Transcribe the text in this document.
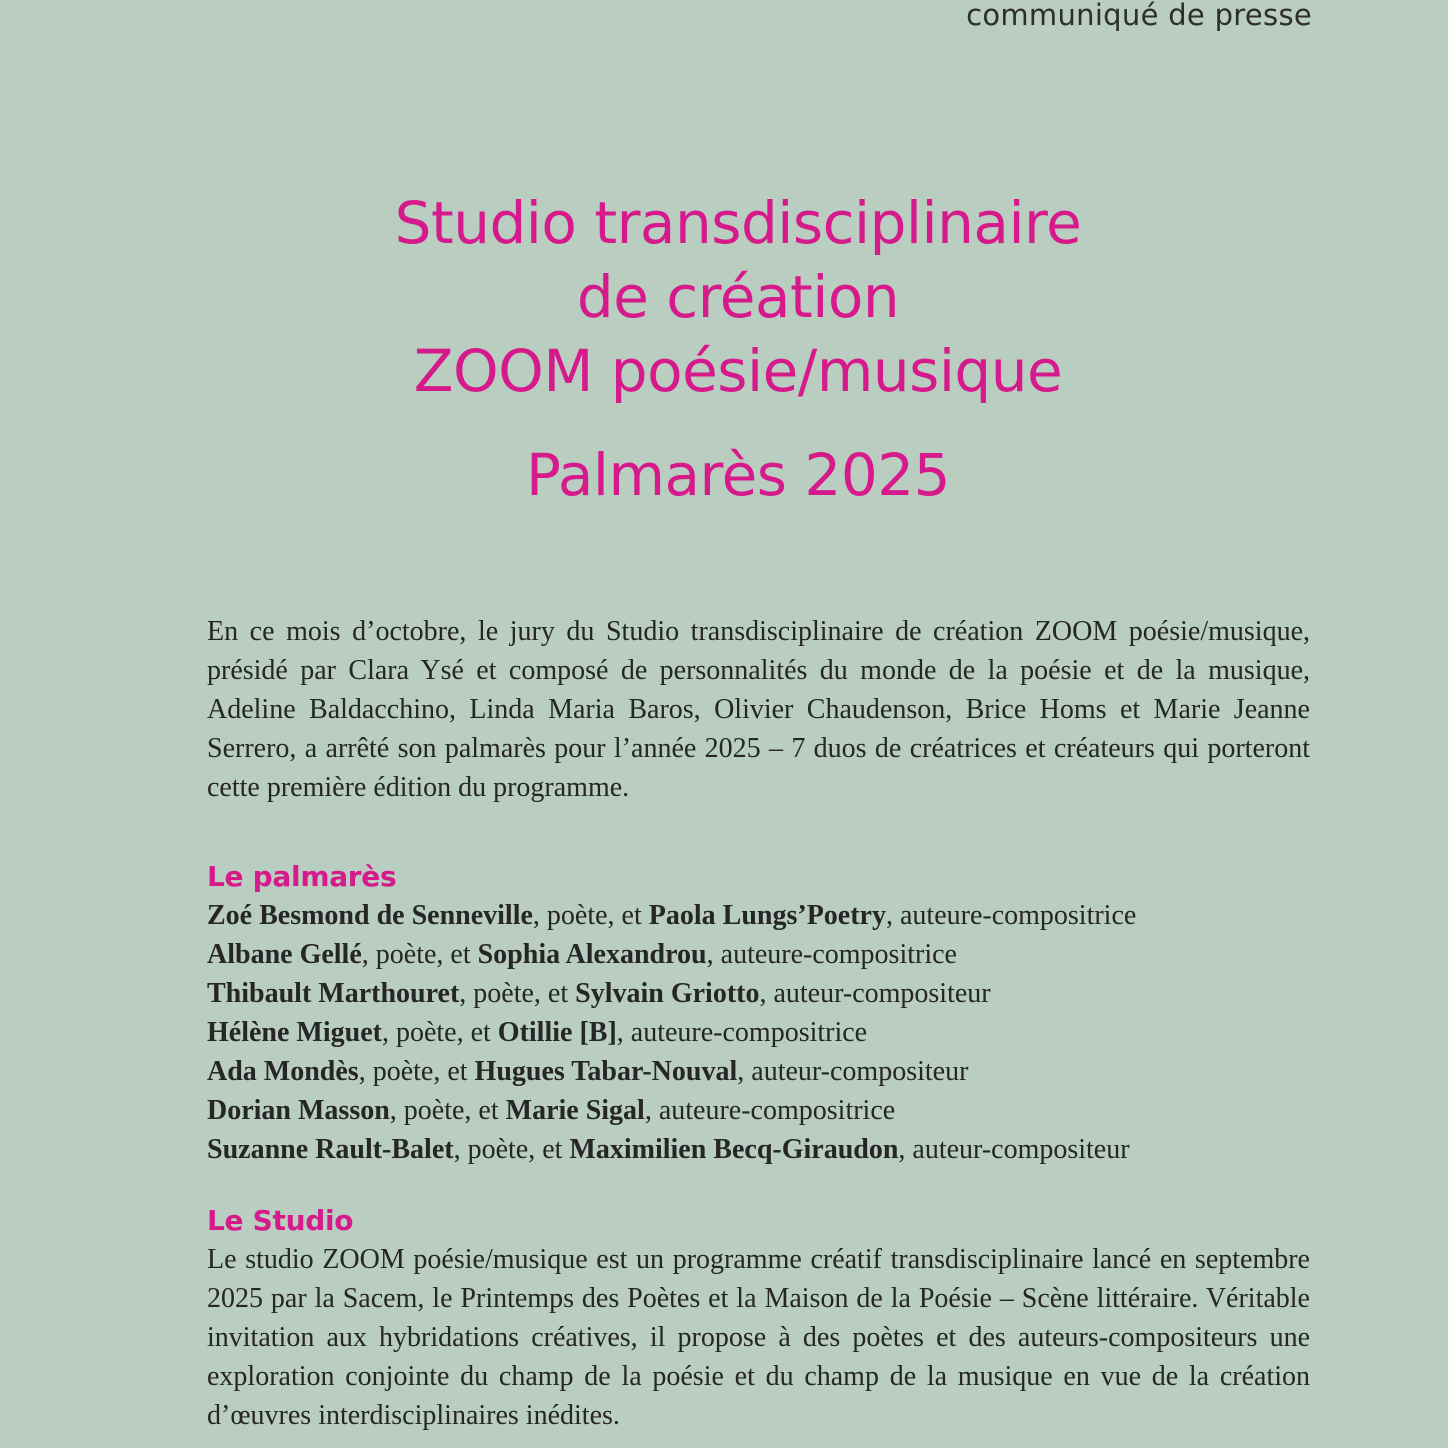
communiqué de presse
Studio transdisciplinaire
de création
ZOOM poésie/musique
Palmarès 2025

En ce mois d’octobre, le jury du Studio transdisciplinaire de création ZOOM poésie/musique, présidé par Clara Ysé et composé de personnalités du monde de la poésie et de la musique, Adeline Baldacchino, Linda Maria Baros, Olivier Chaudenson, Brice Homs et Marie Jeanne Serrero, a arrêté son palmarès pour l’année 2025 – 7 duos de créatrices et créateurs qui porteront cette première édition du programme.

Le palmarès
Zoé Besmond de Senneville, poète, et Paola Lungs’Poetry, auteure-compositrice
Albane Gellé, poète, et Sophia Alexandrou, auteure-compositrice
Thibault Marthouret, poète, et Sylvain Griotto, auteur-compositeur
Hélène Miguet, poète, et Otillie [B], auteure-compositrice
Ada Mondès, poète, et Hugues Tabar-Nouval, auteur-compositeur
Dorian Masson, poète, et Marie Sigal, auteure-compositrice
Suzanne Rault-Balet, poète, et Maximilien Becq-Giraudon, auteur-compositeur
Le Studio

Le studio ZOOM poésie/musique est un programme créatif transdisciplinaire lancé en septembre 2025 par la Sacem, le Printemps des Poètes et la Maison de la Poésie – Scène littéraire. Véritable invitation aux hybridations créatives, il propose à des poètes et des auteurs-compositeurs une exploration conjointe du champ de la poésie et du champ de la musique en vue de la création d’œuvres interdisciplinaires inédites.
